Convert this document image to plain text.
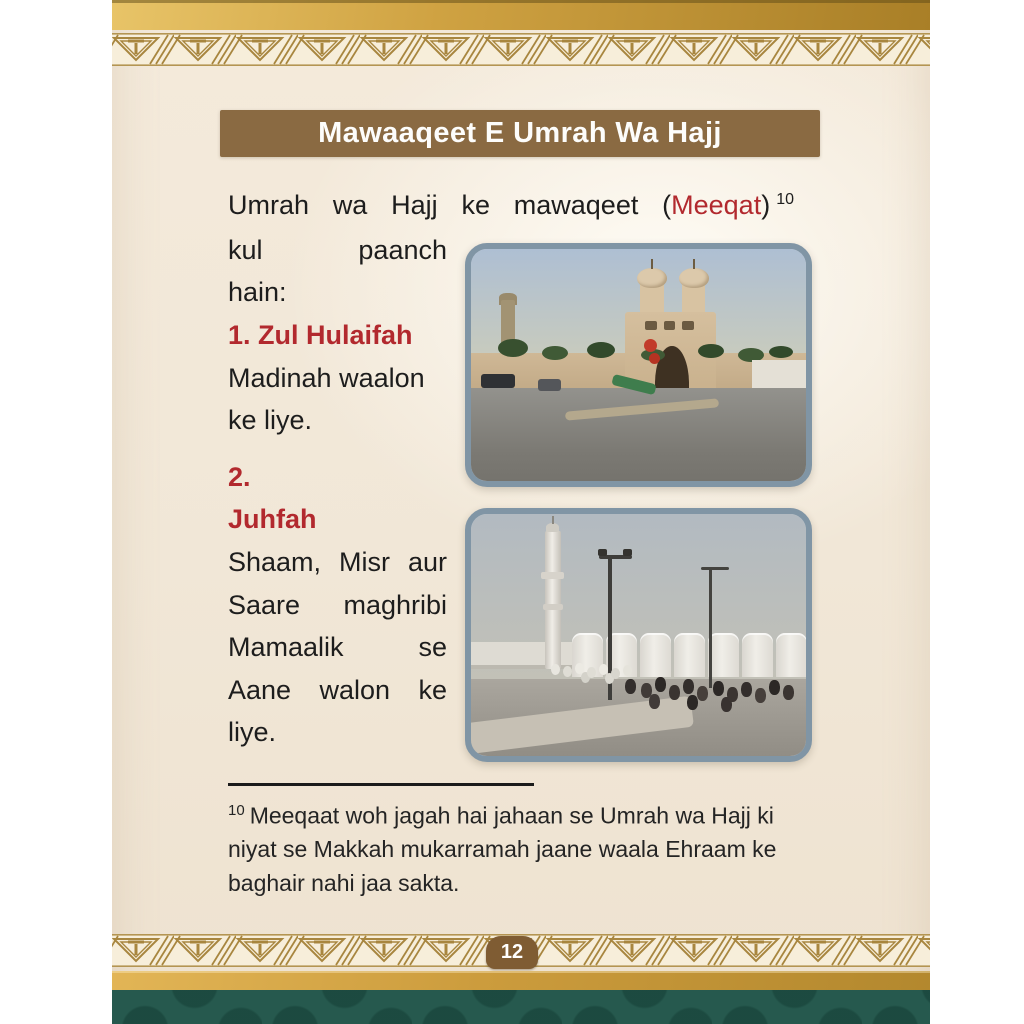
Mawaaqeet E Umrah Wa Hajj
Umrah wa Hajj ke mawaqeet (Meeqat) $^{10}$
kul	paanch
hain:
1. Zul Hulaifah
Madinah waalon
ke liye.
2.
Juhfah
Shaam, Misr aur
Saare maghribi
Mamaalik	se
Aane walon ke
liye.
$^{10}$ Meeqaat woh jagah hai jahaan se Umrah wa Hajj ki
niyat se Makkah mukarramah jaane waala Ehraam ke
baghair nahi jaa sakta.
12
